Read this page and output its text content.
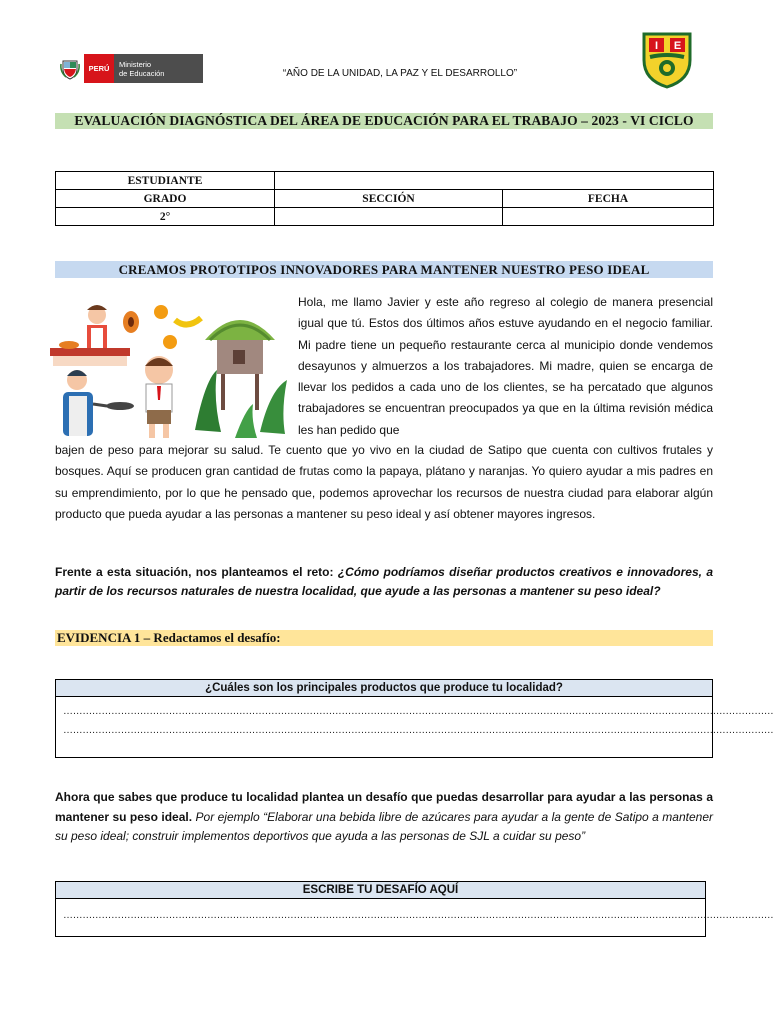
PERÚ	Ministerio
de Educación	“AÑO DE LA UNIDAD, LA PAZ Y EL DESARROLLO”
I E
EVALUACIÓN DIAGNÓSTICA DEL ÁREA DE EDUCACIÓN PARA EL TRABAJO – 2023 - VI CICLO
ESTUDIANTE		
GRADO	SECCIÓN	FECHA
2°		
CREAMOS PROTOTIPOS INNOVADORES PARA MANTENER NUESTRO PESO IDEAL
Hola, me llamo Javier y este año regreso al colegio de manera presencial igual que tú. Estos dos últimos años estuve ayudando en el negocio familiar. Mi padre tiene un pequeño restaurante cerca al municipio donde vendemos desayunos y almuerzos a los trabajadores. Mi madre, quien se encarga de llevar los pedidos a cada uno de los clientes, se ha percatado que algunos trabajadores se encuentran preocupados ya que en la última revisión médica les han pedido que
bajen de peso para mejorar su salud. Te cuento que yo vivo en la ciudad de Satipo que cuenta con cultivos frutales y bosques. Aquí se producen gran cantidad de frutas como la papaya, plátano y naranjas. Yo quiero ayudar a mis padres en su emprendimiento, por lo que he pensado que, podemos aprovechar los recursos de nuestra ciudad para elaborar algún producto que pueda ayudar a las personas a mantener su peso ideal y así obtener mayores ingresos.
Frente a esta situación, nos planteamos el reto: ¿Cómo podríamos diseñar productos creativos e innovadores, a partir de los recursos naturales de nuestra localidad, que ayude a las personas a mantener su peso ideal?
EVIDENCIA 1 – Redactamos el desafío:
¿Cuáles son los principales productos que produce tu localidad?
……………………………………………………………………………………………………………………………………………………………………………………………………
……………………………………………………………………………………………………………………………………………………………………………………………………
Ahora que sabes que produce tu localidad plantea un desafío que puedas desarrollar para ayudar a las personas a mantener su peso ideal. Por ejemplo “Elaborar una bebida libre de azúcares para ayudar a la gente de Satipo a mantener su peso ideal; construir implementos deportivos que ayuda a las personas de SJL a cuidar su peso”
ESCRIBE TU DESAFÍO AQUÍ
……………………………………………………………………………………………………………………………………………………………………………………………………
